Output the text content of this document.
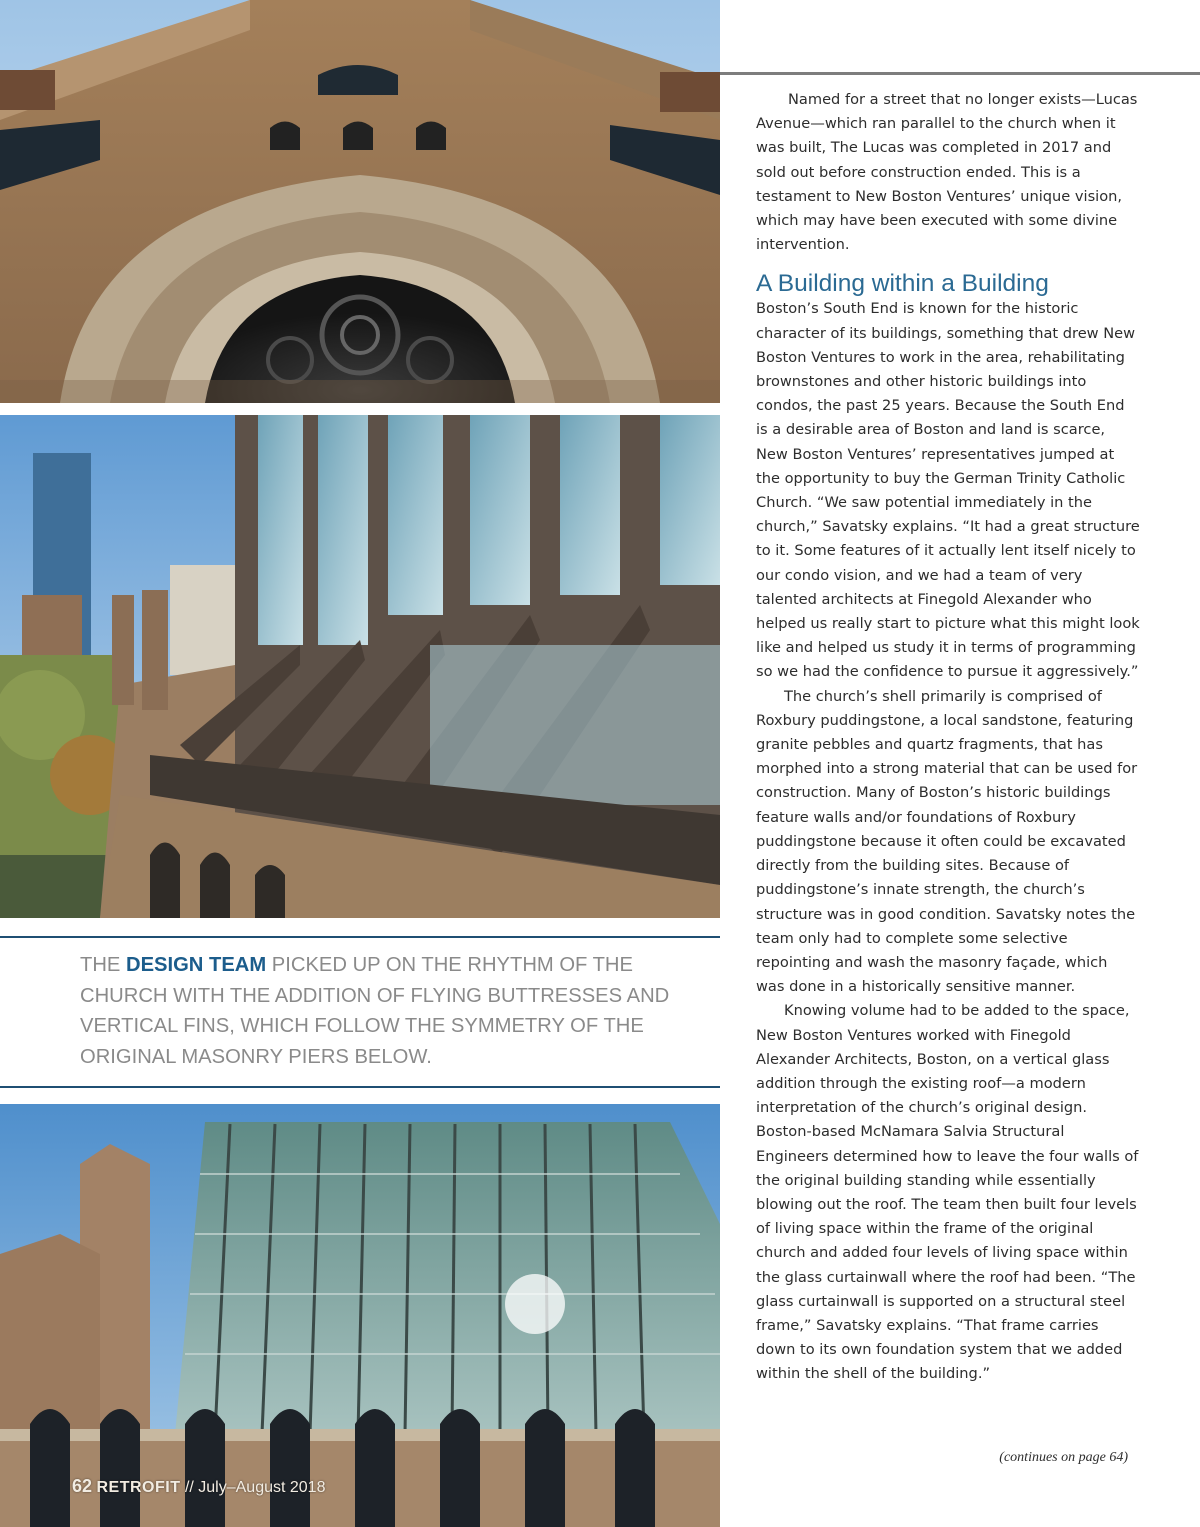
THE DESIGN TEAM PICKED UP ON THE RHYTHM OF THE CHURCH WITH THE ADDITION OF FLYING BUTTRESSES AND VERTICAL FINS, WHICH FOLLOW THE SYMMETRY OF THE ORIGINAL MASONRY PIERS BELOW.
62 RETROFIT // July–August 2018

Named for a street that no longer exists—Lucas Avenue—which ran parallel to the church when it was built, The Lucas was completed in 2017 and sold out before construction ended. This is a testament to New Boston Ventures’ unique vision, which may have been executed with some divine intervention.

A Building within a Building

Boston’s South End is known for the historic character of its buildings, something that drew New Boston Ventures to work in the area, rehabilitating brownstones and other historic buildings into condos, the past 25 years. Because the South End is a desirable area of Boston and land is scarce, New Boston Ventures’ representatives jumped at the opportunity to buy the German Trinity Catholic Church. “We saw potential immediately in the church,” Savatsky explains. “It had a great structure to it. Some features of it actually lent itself nicely to our condo vision, and we had a team of very talented architects at Finegold Alexander who helped us really start to picture what this might look like and helped us study it in terms of programming so we had the confidence to pursue it aggressively.”

The church’s shell primarily is comprised of Roxbury puddingstone, a local sandstone, featuring granite pebbles and quartz fragments, that has morphed into a strong material that can be used for construction. Many of Boston’s historic buildings feature walls and/or foundations of Roxbury puddingstone because it often could be excavated directly from the building sites. Because of puddingstone’s innate strength, the church’s structure was in good condition. Savatsky notes the team only had to complete some selective repointing and wash the masonry façade, which was done in a historically sensitive manner.

Knowing volume had to be added to the space, New Boston Ventures worked with Finegold Alexander Architects, Boston, on a vertical glass addition through the existing roof—a modern interpretation of the church’s original design. Boston-based McNamara Salvia Structural Engineers determined how to leave the four walls of the original building standing while essentially blowing out the roof. The team then built four levels of living space within the frame of the original church and added four levels of living space within the glass curtainwall where the roof had been. “The glass curtainwall is supported on a structural steel frame,” Savatsky explains. “That frame carries down to its own foundation system that we added within the shell of the building.”

(continues on page 64)
